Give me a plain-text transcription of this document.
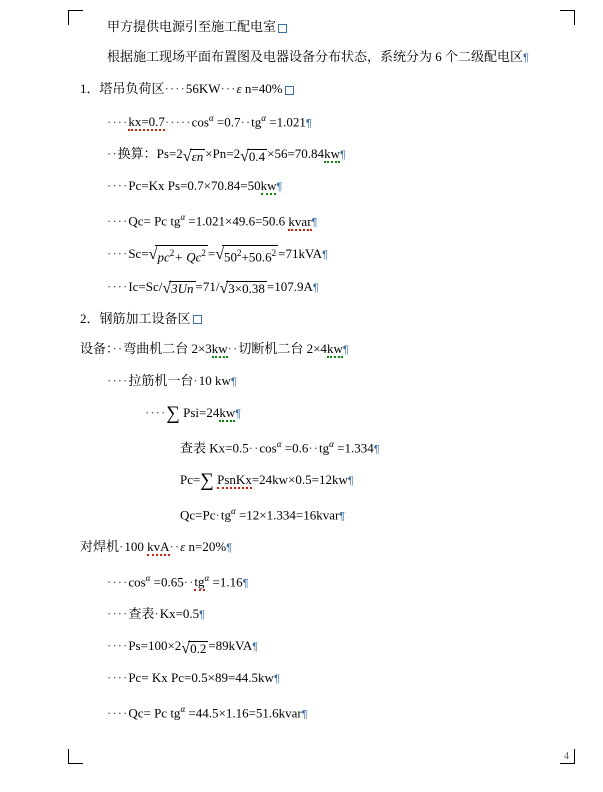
甲方提供电源引至施工配电室
根据施工现场平面布置图及电器设备分布状态，系统分为 6 个二级配电区¶
1．塔吊负荷区····56KW···ε n=40%
$\cdot\cdot\cdot\cdot kx=0.7\cdot\cdot\cdot\cdot\cdot\cos^\alpha =0.7\cdot\cdot tg^\alpha$ =1.021¶
··换算：Ps=2√εn ×Pn=2√0.4 ×56=70.84kw¶
····Pc=Kx Ps=0.7×70.84=50kw¶
····Qc= Pc $tg^\alpha =1.021\times 49.6=50.6$ kvar¶
$\cdot\cdot\cdot\cdot Sc=√pc^2+ Qc^2 =√50^2+50.6^2$ =71kVA¶
····Ic=Sc/√3Un =71/√3×0.38 =107.9A¶
2．钢筋加工设备区
设备：··弯曲机二台 2×3kw··切断机二台 2×4kw¶
····拉筋机一台·10 kw¶
····∑ Psi=24kw¶
查表 $Kx=0.5\cdot\cdot\cos^\alpha =0.6\cdot\cdot tg^\alpha$ =1.334¶
Pc=∑ PsnKx=24kw×0.5=12kw¶
$Qc=Pc\cdot tg^\alpha$ =12×1.334=16kvar¶
对焊机·100 kvA··ε n=20%¶
$\cdot\cdot\cdot\cdot\cos^\alpha =0.65\cdot\cdot tg^\alpha$ =1.16¶
····查表·Kx=0.5¶
····Ps=100×2√0.2 =89kVA¶
····Pc= Kx Pc=0.5×89=44.5kw¶
····Qc= Pc $tg^\alpha$ =44.5×1.16=51.6kvar¶
4
